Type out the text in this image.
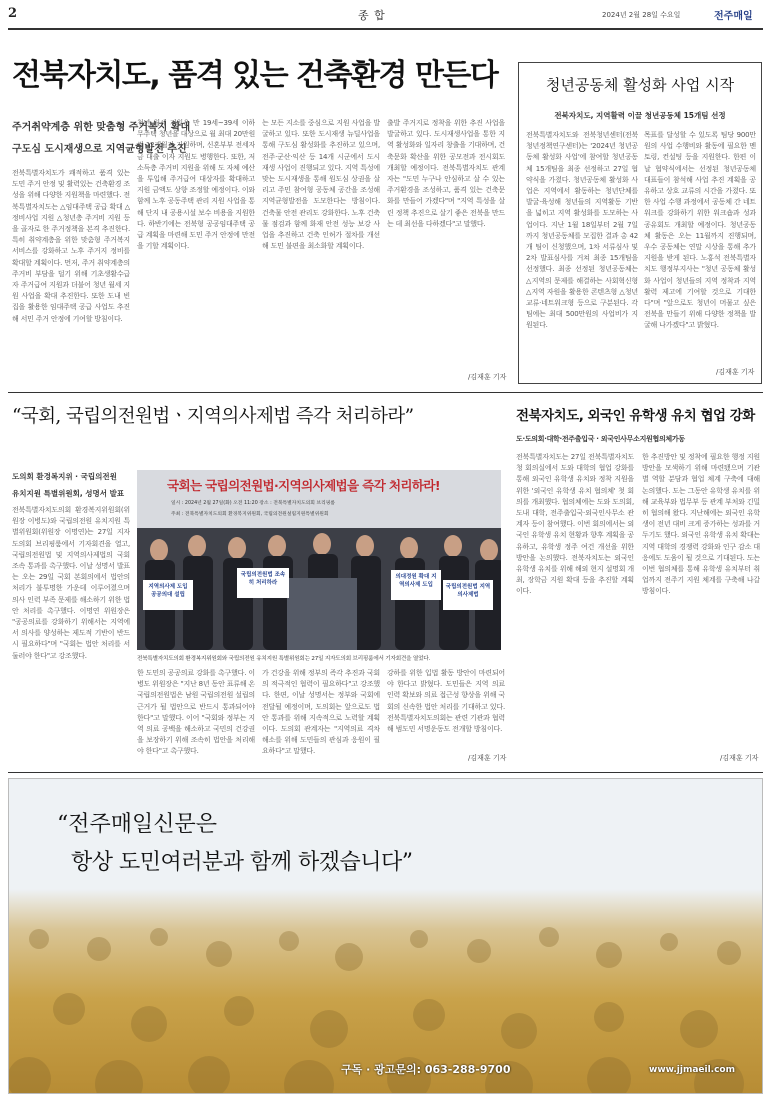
2	종 합	2024년 2월 28일 수요일	전주매일
전북자치도, 품격 있는 건축환경 만든다
주거취약계층 위한 맞춤형 주거복지 확대
구도심 도시재생으로 지역균형발전 추진
전북특별자치도가 쾌적하고 품격 있는 도민 주거 안정 및 활력있는 건축환경 조성을 위해 다양한 지원책을 마련했다. 전북특별자치도는 △임대주택 공급 확대 △정비사업 지원 △청년층 주거비 지원 등을 골자로 한 주거정책을 본격 추진한다. 특히 취약계층을 위한 맞춤형 주거복지 서비스를 강화하고 노후 주거지 정비를 확대할 계획이다. 먼저, 주거 취약계층의 주거비 부담을 덜기 위해 기초생활수급자 주거급여 지원과 더불어 청년 월세 지원 사업을 확대 추진한다. 또한 도내 빈집을 활용한 임대주택 공급 사업도 추진해 서민 주거 안정에 기여할 방침이다.
청년 월세 지원은 만 19세~39세 이하 무주택 청년을 대상으로 월 최대 20만원씩 12개월간 지원하며, 신혼부부 전세자금 대출 이자 지원도 병행한다. 또한, 저소득층 주거비 지원을 위해 도 자체 예산을 투입해 주거급여 대상자를 확대하고 지원 금액도 상향 조정할 예정이다. 이와 함께 노후 공동주택 관리 지원 사업을 통해 단지 내 공용시설 보수 비용을 지원한다. 하반기에는 전북형 공공임대주택 공급 계획을 마련해 도민 주거 안정에 만전을 기할 계획이다.
는 모든 지소를 중심으로 지원 사업을 발굴하고 있다. 또한 도시재생 뉴딜사업을 통해 구도심 활성화를 추진하고 있으며, 전주·군산·익산 등 14개 시군에서 도시재생 사업이 진행되고 있다. 지역 특성에 맞는 도시재생을 통해 원도심 상권을 살리고 주민 참여형 공동체 공간을 조성해 지역균형발전을 도모한다는 방침이다. 건축물 안전 관리도 강화한다. 노후 건축물 점검과 함께 화재 안전 성능 보강 사업을 추진하고 건축 인허가 절차를 개선해 도민 불편을 최소화할 계획이다.
출발 주거지로 정착을 위한 추진 사업을 발굴하고 있다. 도시재생사업을 통한 지역 활성화와 일자리 창출을 기대하며, 건축문화 확산을 위한 공모전과 전시회도 개최할 예정이다. 전북특별자치도 관계자는 "도민 누구나 안심하고 살 수 있는 주거환경을 조성하고, 품격 있는 건축문화를 만들어 가겠다"며 "지역 특성을 살린 정책 추진으로 살기 좋은 전북을 만드는 데 최선을 다하겠다"고 말했다.
/김재훈 기자
청년공동체 활성화 사업 시작
전북자치도, 지역활력 이끌 청년공동체 15개팀 선정
전북특별자치도와 전북청년센터(전북청년정책연구센터)는 '2024년 청년공동체 활성화 사업'에 참여할 청년공동체 15개팀을 최종 선정하고 27일 협약식을 가졌다. 청년공동체 활성화 사업은 지역에서 활동하는 청년단체를 발굴·육성해 청년들의 지역활동 기반을 넓히고 지역 활성화를 도모하는 사업이다. 지난 1월 18일부터 2월 7일까지 청년공동체를 모집한 결과 총 42개 팀이 신청했으며, 1차 서류심사 및 2차 발표심사를 거쳐 최종 15개팀을 선정했다. 최종 선정된 청년공동체는 △지역의 문제를 해결하는 사회혁신형 △지역 자원을 활용한 콘텐츠형 △청년 교류·네트워크형 등으로 구분된다. 각 팀에는 최대 500만원의 사업비가 지원된다.
목표를 달성할 수 있도록 팀당 900만원의 사업 수행비와 활동에 필요한 멘토링, 컨설팅 등을 지원한다. 한편 이날 협약식에서는 선정된 청년공동체 대표들이 참석해 사업 추진 계획을 공유하고 상호 교류의 시간을 가졌다. 또한 사업 수행 과정에서 공동체 간 네트워크를 강화하기 위한 워크숍과 성과공유회도 개최할 예정이다. 청년공동체 활동은 오는 11월까지 진행되며, 우수 공동체는 연말 시상을 통해 추가 지원을 받게 된다. 노홍석 전북특별자치도 행정부지사는 "청년 공동체 활성화 사업이 청년들의 지역 정착과 지역 활력 제고에 기여할 것으로 기대한다"며 "앞으로도 청년이 머물고 싶은 전북을 만들기 위해 다양한 정책을 발굴해 나가겠다"고 밝혔다.
/김재훈 기자
“국회, 국립의전원법ㆍ지역의사제법 즉각 처리하라”
도의회 환경복지위 · 국립의전원
유치지원 특별위원회, 성명서 발표
국회는 국립의전원법·지역의사제법을 즉각 처리하라!
일시 : 2024년 2월 27일(화) 오전 11:20 장소 : 전북특별자치도의회 브리핑룸
주최 : 전북특별자치도의회 환경복지위원회, 국립의전원설립지원특별위원회
지역의사제 도입 공공의대 설립
국립의전원법 조속히 처리하라
의대정원 확대 지역의사제 도입	국립의전원법 지역의사제법
전북특별자치도의회 환경복지위원회와 국립의전원 유치지원 특별위원회는 27일 지자도의회 브리핑룸에서 기자회견을 열었다.
전북특별자치도의회 환경복지위원회(위원장 이병도)와 국립의전원 유치지원 특별위원회(위원장 이명연)는 27일 지자도의회 브리핑룸에서 기자회견을 열고, 국립의전원법 및 지역의사제법의 국회 조속 통과를 촉구했다. 이날 성명서 발표는 오는 29일 국회 본회의에서 법안의 처리가 불투명한 가운데 이루어졌으며 의사 인력 부족 문제를 해소하기 위한 법안 처리를 촉구했다. 이명연 위원장은 "공공의료를 강화하기 위해서는 지역에서 의사를 양성하는 제도적 기반이 반드시 필요하다"며 "국회는 법안 처리를 서둘러야 한다"고 강조했다.
한 도민의 공공의료 강화를 촉구했다. 이병도 위원장은 "지난 8년 동안 표류해 온 국립의전원법은 남원 국립의전원 설립의 근거가 될 법안으로 반드시 통과되어야 한다"고 말했다. 이어 "국회와 정부는 지역 의료 공백을 해소하고 국민의 건강권을 보장하기 위해 조속히 법안을 처리해야 한다"고 촉구했다.
가 건강을 위해 정부의 즉각 추진과 국회의 적극적인 협력이 필요하다"고 강조했다. 한편, 이날 성명서는 정부와 국회에 전달될 예정이며, 도의회는 앞으로도 법안 통과를 위해 지속적으로 노력할 계획이다. 도의회 관계자는 "지역의료 격차 해소를 위해 도민들의 관심과 응원이 필요하다"고 말했다.
강하를 위한 입법 활동 방안이 마련되어야 한다고 밝혔다. 도민들은 지역 의료 인력 확보와 의료 접근성 향상을 위해 국회의 신속한 법안 처리를 기대하고 있다. 전북특별자치도의회는 관련 기관과 협력해 범도민 서명운동도 전개할 방침이다.
/김재훈 기자
전북자치도, 외국인 유학생 유치 협업 강화
도·도의회·대학·전주출입국 · 외국인사무소지원협의체가동
전북특별자치도는 27일 전북특별자치도청 회의실에서 도와 대학의 협업 강화를 통해 외국인 유학생 유치와 정착 지원을 위한 '외국인 유학생 유치 협의체' 첫 회의를 개최했다. 협의체에는 도와 도의회, 도내 대학, 전주출입국·외국인사무소 관계자 등이 참여했다. 이번 회의에서는 외국인 유학생 유치 현황과 향후 계획을 공유하고, 유학생 정주 여건 개선을 위한 방안을 논의했다. 전북자치도는 외국인 유학생 유치를 위해 해외 현지 설명회 개최, 장학금 지원 확대 등을 추진할 계획이다.
한 추진방안 및 정착에 필요한 행정 지원 방안을 모색하기 위해 마련됐으며 기관별 역할 분담과 협업 체계 구축에 대해 논의했다. 도는 그동안 유학생 유치를 위해 교육부와 법무부 등 관계 부처와 긴밀히 협의해 왔다. 지난해에는 외국인 유학생이 전년 대비 크게 증가하는 성과를 거두기도 했다. 외국인 유학생 유치 확대는 지역 대학의 경쟁력 강화와 인구 감소 대응에도 도움이 될 것으로 기대된다. 도는 이번 협의체를 통해 유학생 유치부터 취업까지 전주기 지원 체계를 구축해 나갈 방침이다.
/김재훈 기자
“전주매일신문은
항상 도민여러분과 함께 하겠습니다”
구독 · 광고문의: 063-288-9700	www.jjmaeil.com
